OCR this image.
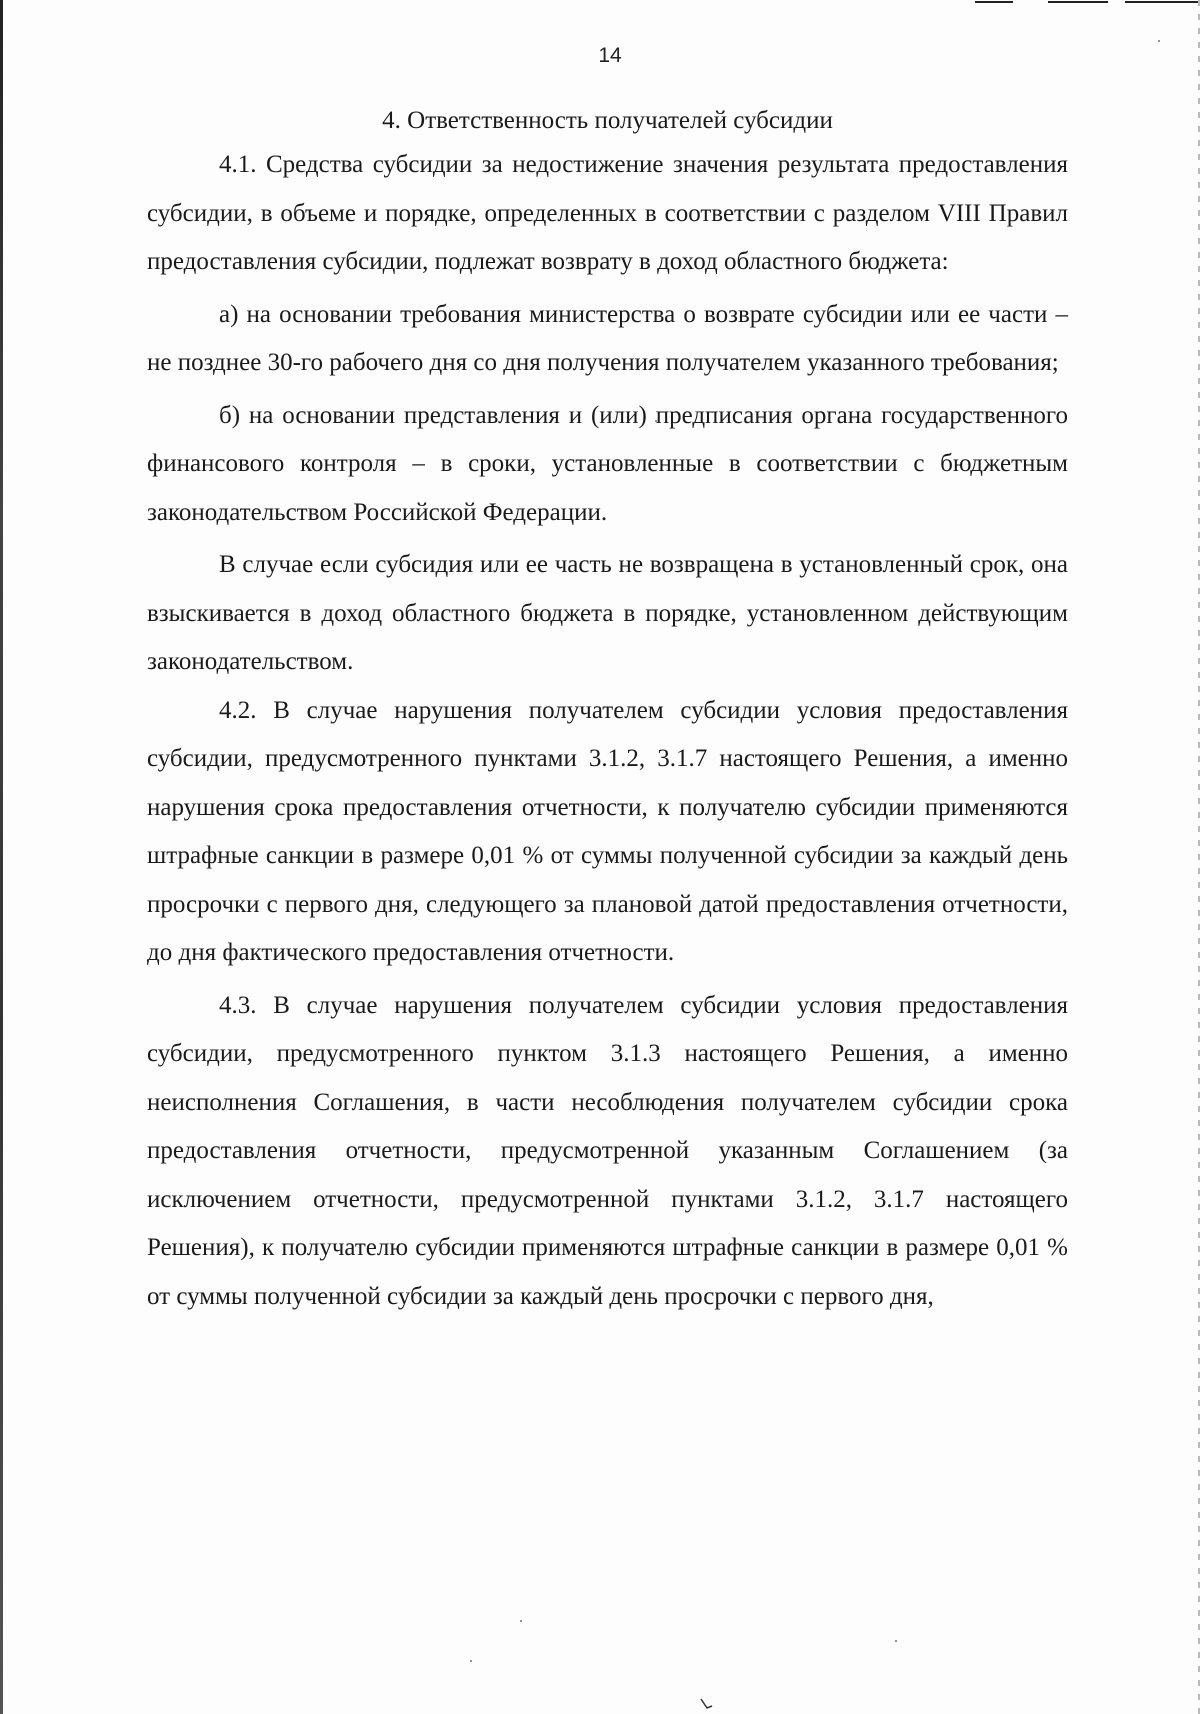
14
4. Ответственность получателей субсидии

4.1. Средства субсидии за недостижение значения результата предоставления субсидии, в объеме и порядке, определенных в соответствии с разделом VIII Правил предоставления субсидии, подлежат возврату в доход областного бюджета:

а) на основании требования министерства о возврате субсидии или ее части – не позднее 30-го рабочего дня со дня получения получателем указанного требования;

б) на основании представления и (или) предписания органа государственного финансового контроля – в сроки, установленные в соответствии с бюджетным законодательством Российской Федерации.

В случае если субсидия или ее часть не возвращена в установленный срок, она взыскивается в доход областного бюджета в порядке, установленном действующим законодательством.

4.2. В случае нарушения получателем субсидии условия предоставления субсидии, предусмотренного пунктами 3.1.2, 3.1.7 настоящего Решения, а именно нарушения срока предоставления отчетности, к получателю субсидии применяются штрафные санкции в размере 0,01 % от суммы полученной субсидии за каждый день просрочки с первого дня, следующего за плановой датой предоставления отчетности, до дня фактического предоставления отчетности.

4.3. В случае нарушения получателем субсидии условия предоставления субсидии, предусмотренного пунктом 3.1.3 настоящего Решения, а именно неисполнения Соглашения, в части несоблюдения получателем субсидии срока предоставления отчетности, предусмотренной указанным Соглашением (за исключением отчетности, предусмотренной пунктами 3.1.2, 3.1.7 настоящего Решения), к получателю субсидии применяются штрафные санкции в размере 0,01 % от суммы полученной субсидии за каждый день просрочки с первого дня,
